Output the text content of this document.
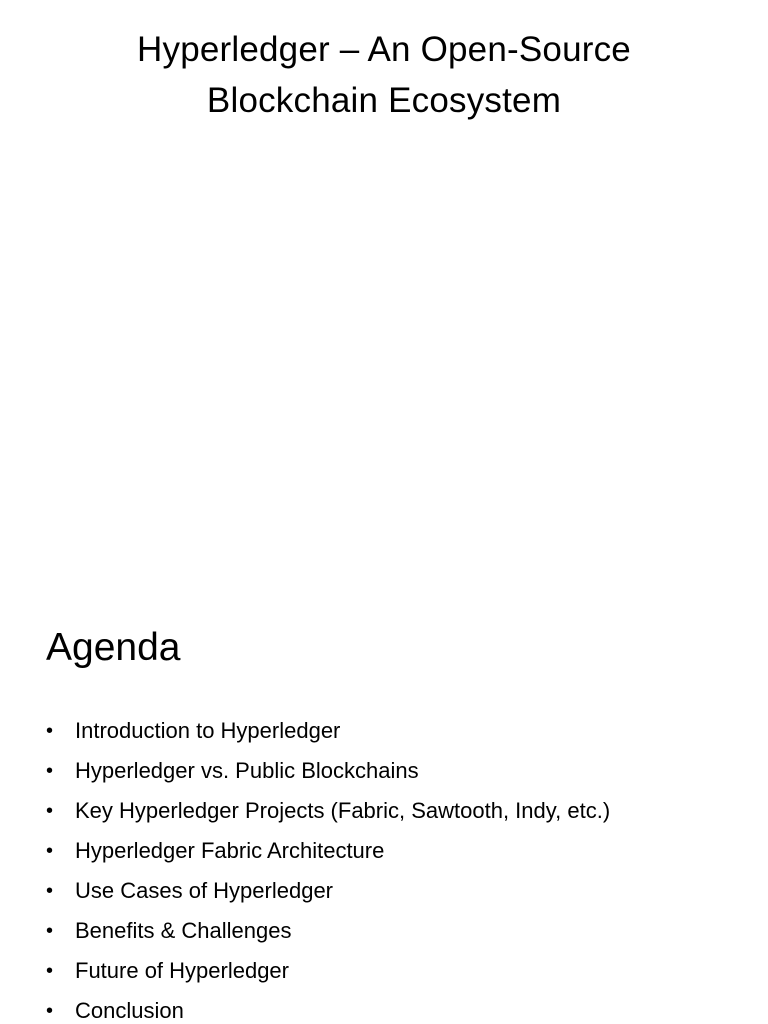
Hyperledger – An Open-Source
Blockchain Ecosystem
Agenda
• Introduction to Hyperledger
• Hyperledger vs. Public Blockchains
• Key Hyperledger Projects (Fabric, Sawtooth, Indy, etc.)
• Hyperledger Fabric Architecture
• Use Cases of Hyperledger
• Benefits & Challenges
• Future of Hyperledger
• Conclusion
